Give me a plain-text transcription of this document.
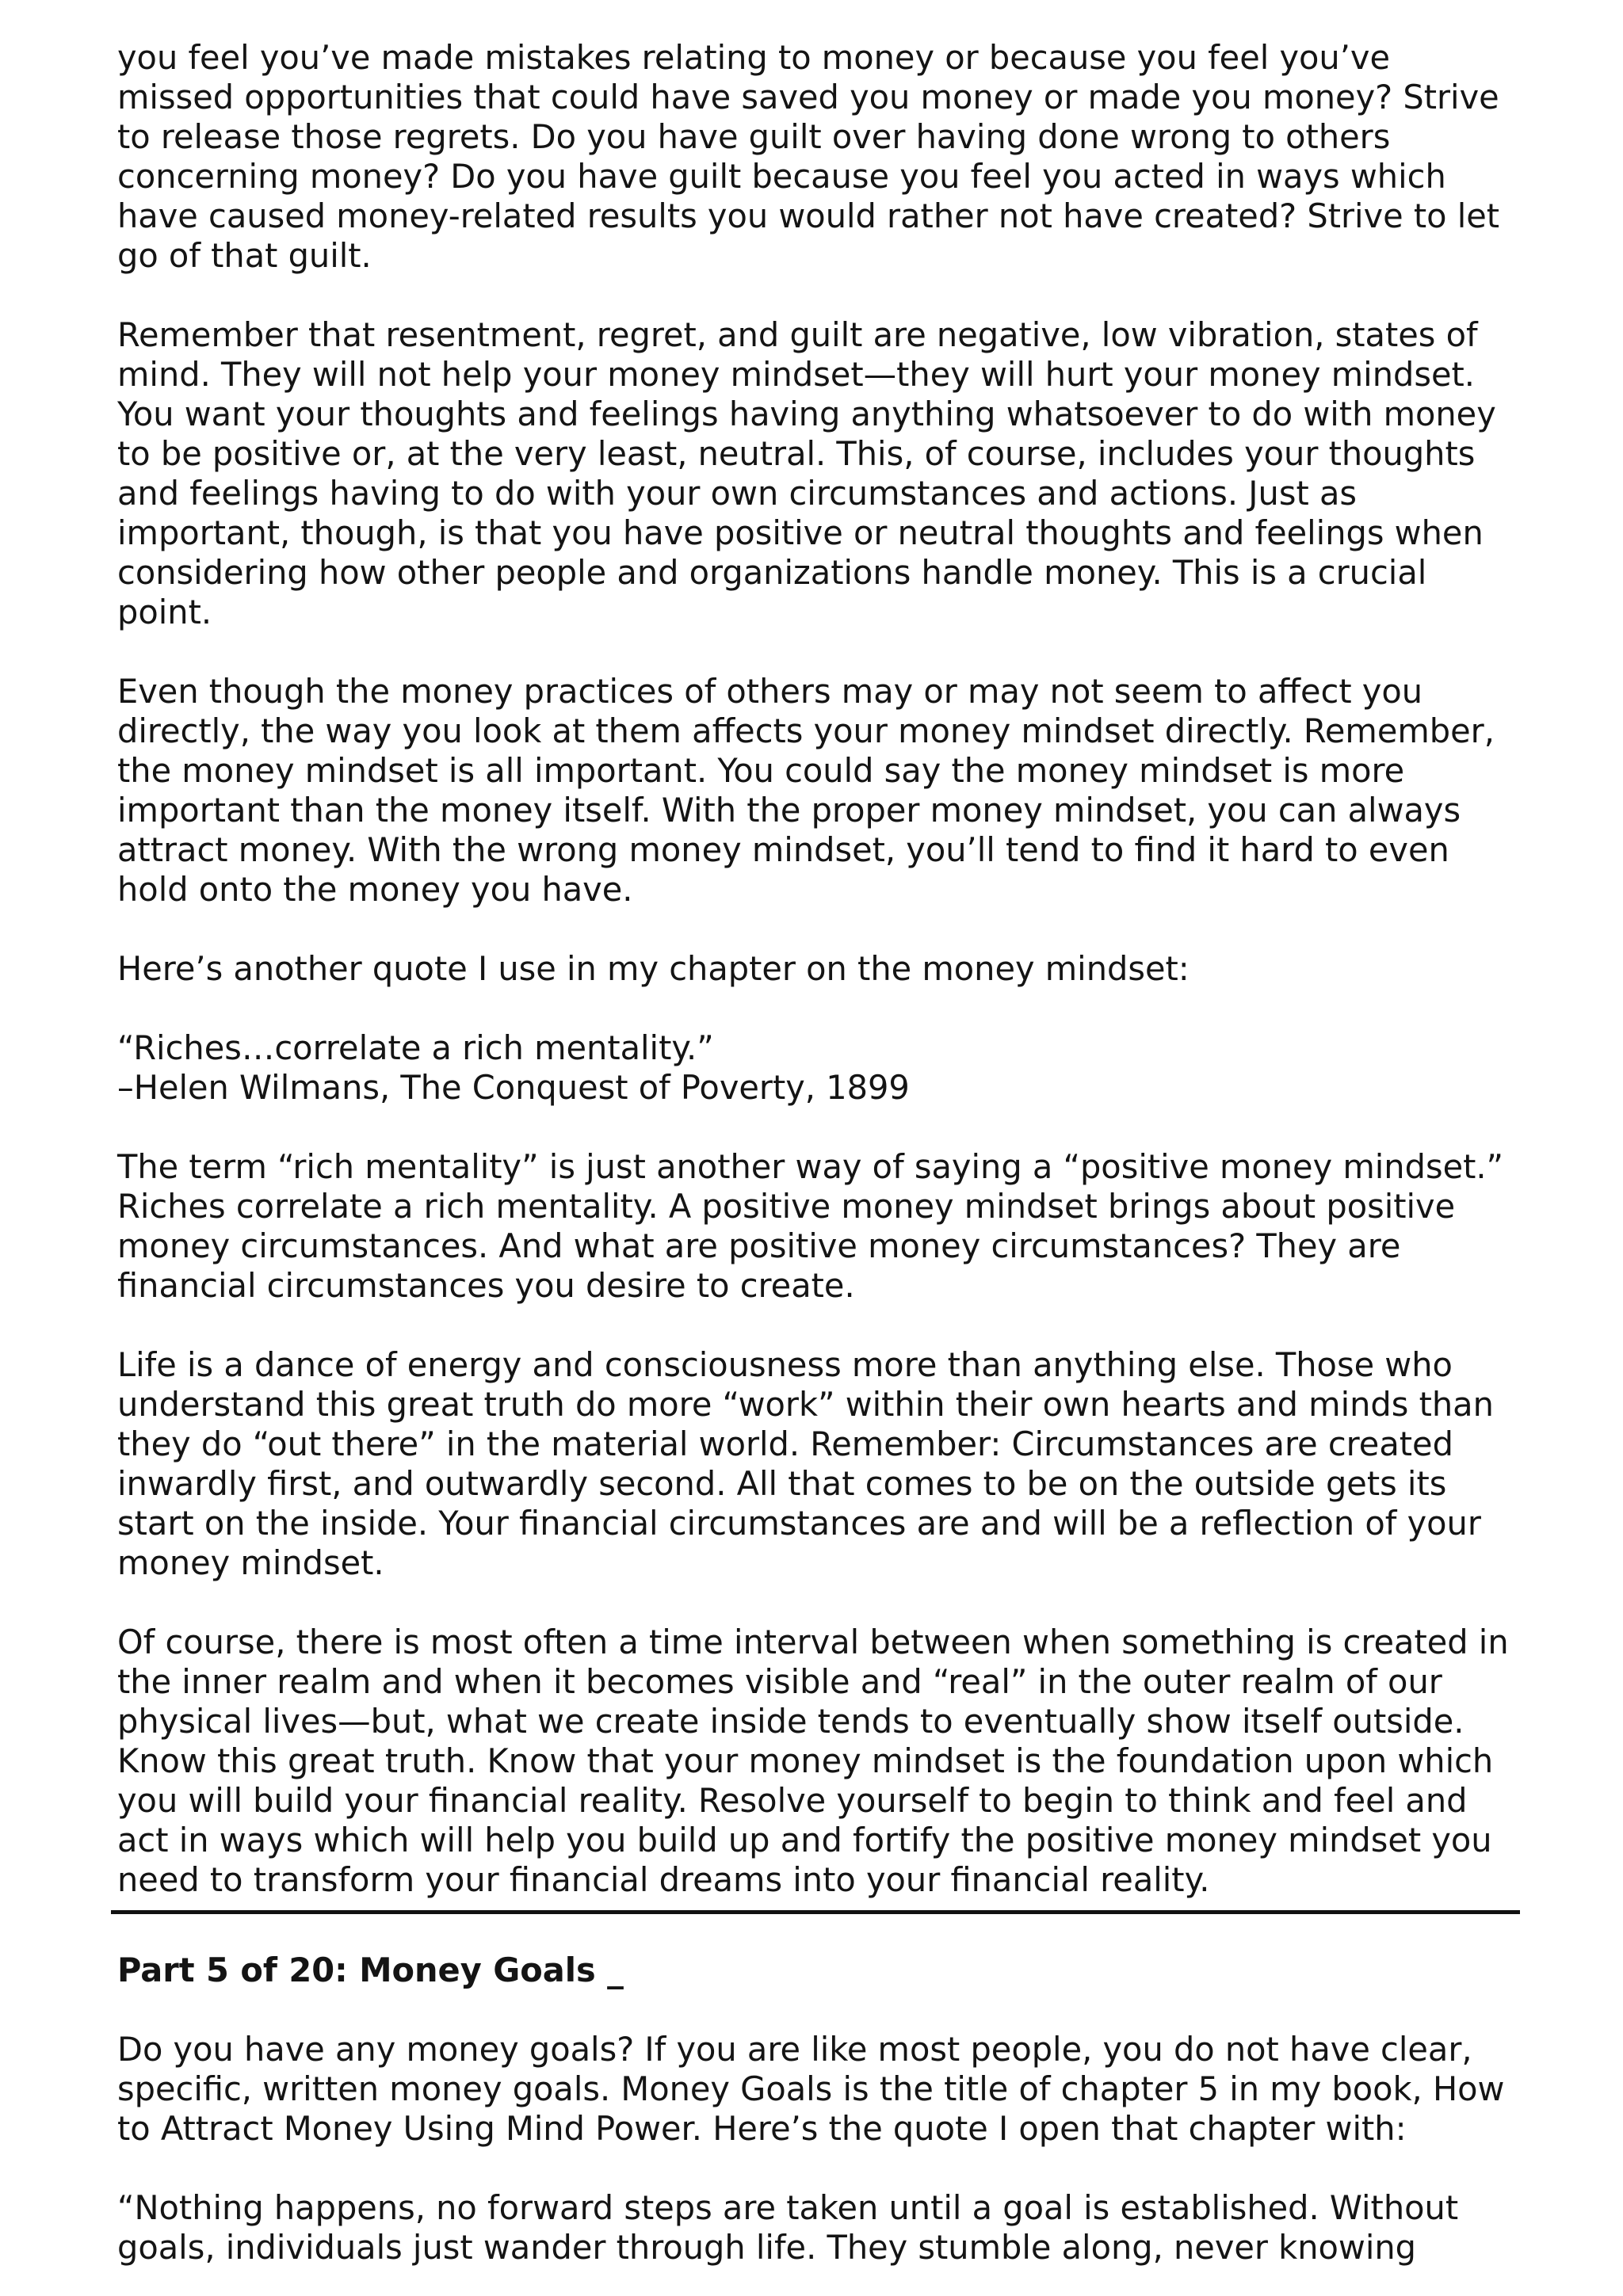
you feel you’ve made mistakes relating to money or because you feel you’ve missed opportunities that could have saved you money or made you money? Strive to release those regrets. Do you have guilt over having done wrong to others concerning money? Do you have guilt because you feel you acted in ways which have caused money-related results you would rather not have created? Strive to let go of that guilt.

Remember that resentment, regret, and guilt are negative, low vibration, states of mind. They will not help your money mindset—they will hurt your money mindset. You want your thoughts and feelings having anything whatsoever to do with money to be positive or, at the very least, neutral. This, of course, includes your thoughts and feelings having to do with your own circumstances and actions. Just as important, though, is that you have positive or neutral thoughts and feelings when considering how other people and organizations handle money. This is a crucial point.

Even though the money practices of others may or may not seem to affect you directly, the way you look at them affects your money mindset directly. Remember, the money mindset is all important. You could say the money mindset is more important than the money itself. With the proper money mindset, you can always attract money. With the wrong money mindset, you’ll tend to find it hard to even hold onto the money you have.

Here’s another quote I use in my chapter on the money mindset:

“Riches…correlate a rich mentality.”
–Helen Wilmans, The Conquest of Poverty, 1899

The term “rich mentality” is just another way of saying a “positive money mindset.” Riches correlate a rich mentality. A positive money mindset brings about positive money circumstances. And what are positive money circumstances? They are financial circumstances you desire to create.

Life is a dance of energy and consciousness more than anything else. Those who understand this great truth do more “work” within their own hearts and minds than they do “out there” in the material world. Remember: Circumstances are created inwardly first, and outwardly second. All that comes to be on the outside gets its start on the inside. Your financial circumstances are and will be a reflection of your money mindset.

Of course, there is most often a time interval between when something is created in the inner realm and when it becomes visible and “real” in the outer realm of our physical lives—but, what we create inside tends to eventually show itself outside. Know this great truth. Know that your money mindset is the foundation upon which you will build your financial reality. Resolve yourself to begin to think and feel and act in ways which will help you build up and fortify the positive money mindset you need to transform your financial dreams into your financial reality.

Part 5 of 20: Money Goals _

Do you have any money goals? If you are like most people, you do not have clear, specific, written money goals. Money Goals is the title of chapter 5 in my book, How to Attract Money Using Mind Power. Here’s the quote I open that chapter with:

“Nothing happens, no forward steps are taken until a goal is established. Without goals, individuals just wander through life. They stumble along, never knowing
